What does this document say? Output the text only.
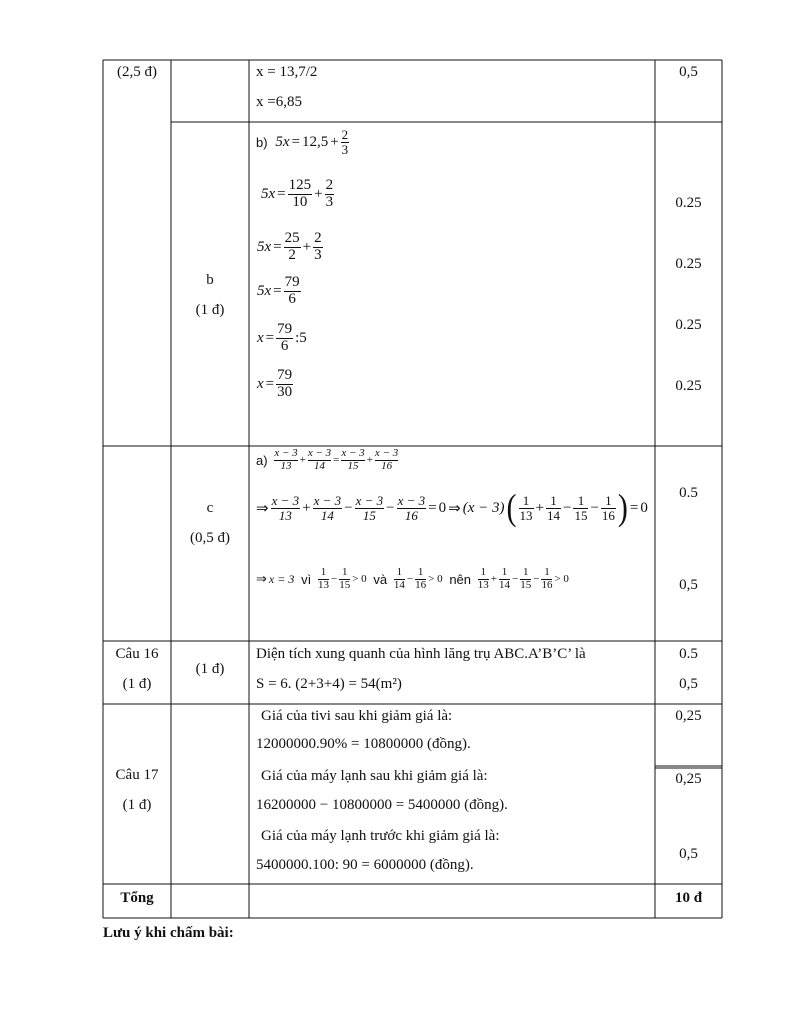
(2,5 đ)	x = 13,7/2
x =6,85
0,5
b
(1 đ)
b)
$5x = 12,5 + \frac{2}{3}$
$5x = \frac{125}{10} + \frac{2}{3}$
$5x = \frac{25}{2} + \frac{2}{3}$
$5x = \frac{79}{6}$
$x = \frac{79}{6}$ :5
$x = \frac{79}{30}$
0.25
0.25
0.25
0.25
c
(0,5 đ)
a)
$\frac{x - 3}{13} + \frac{x - 3}{14} = \frac{x - 3}{15} + \frac{x - 3}{16}$
⇒ $\frac{x - 3}{13} + \frac{x - 3}{14} - \frac{x - 3}{15} - \frac{x - 3}{16} = 0$ ⇒ (x − 3) ( $\frac{1}{13} + \frac{1}{14} - \frac{1}{15} - \frac{1}{16}$ ) = 0
⇒ x = 3
vì
$\frac{1}{13} - \frac{1}{15} > 0$
và
$\frac{1}{14} - \frac{1}{16} > 0$
nên
$\frac{1}{13} + \frac{1}{14} - \frac{1}{15} - \frac{1}{16} > 0$
0.5
0,5
Câu 16
(1 đ)
(1 đ)
Diện tích xung quanh của hình lăng trụ ABC.A’B’C’ là
S = 6. (2+3+4) = 54(m²)
0.5
0,5
Câu 17
(1 đ)
Giá của tivi sau khi giảm giá là:
12000000.90% = 10800000 (đồng).
Giá của máy lạnh sau khi giảm giá là:
16200000 − 10800000 = 5400000 (đồng).
Giá của máy lạnh trước khi giảm giá là:
5400000.100: 90 = 6000000 (đồng).
0,25
0,25
0,5
Tổng	10 đ
Lưu ý khi chấm bài:
